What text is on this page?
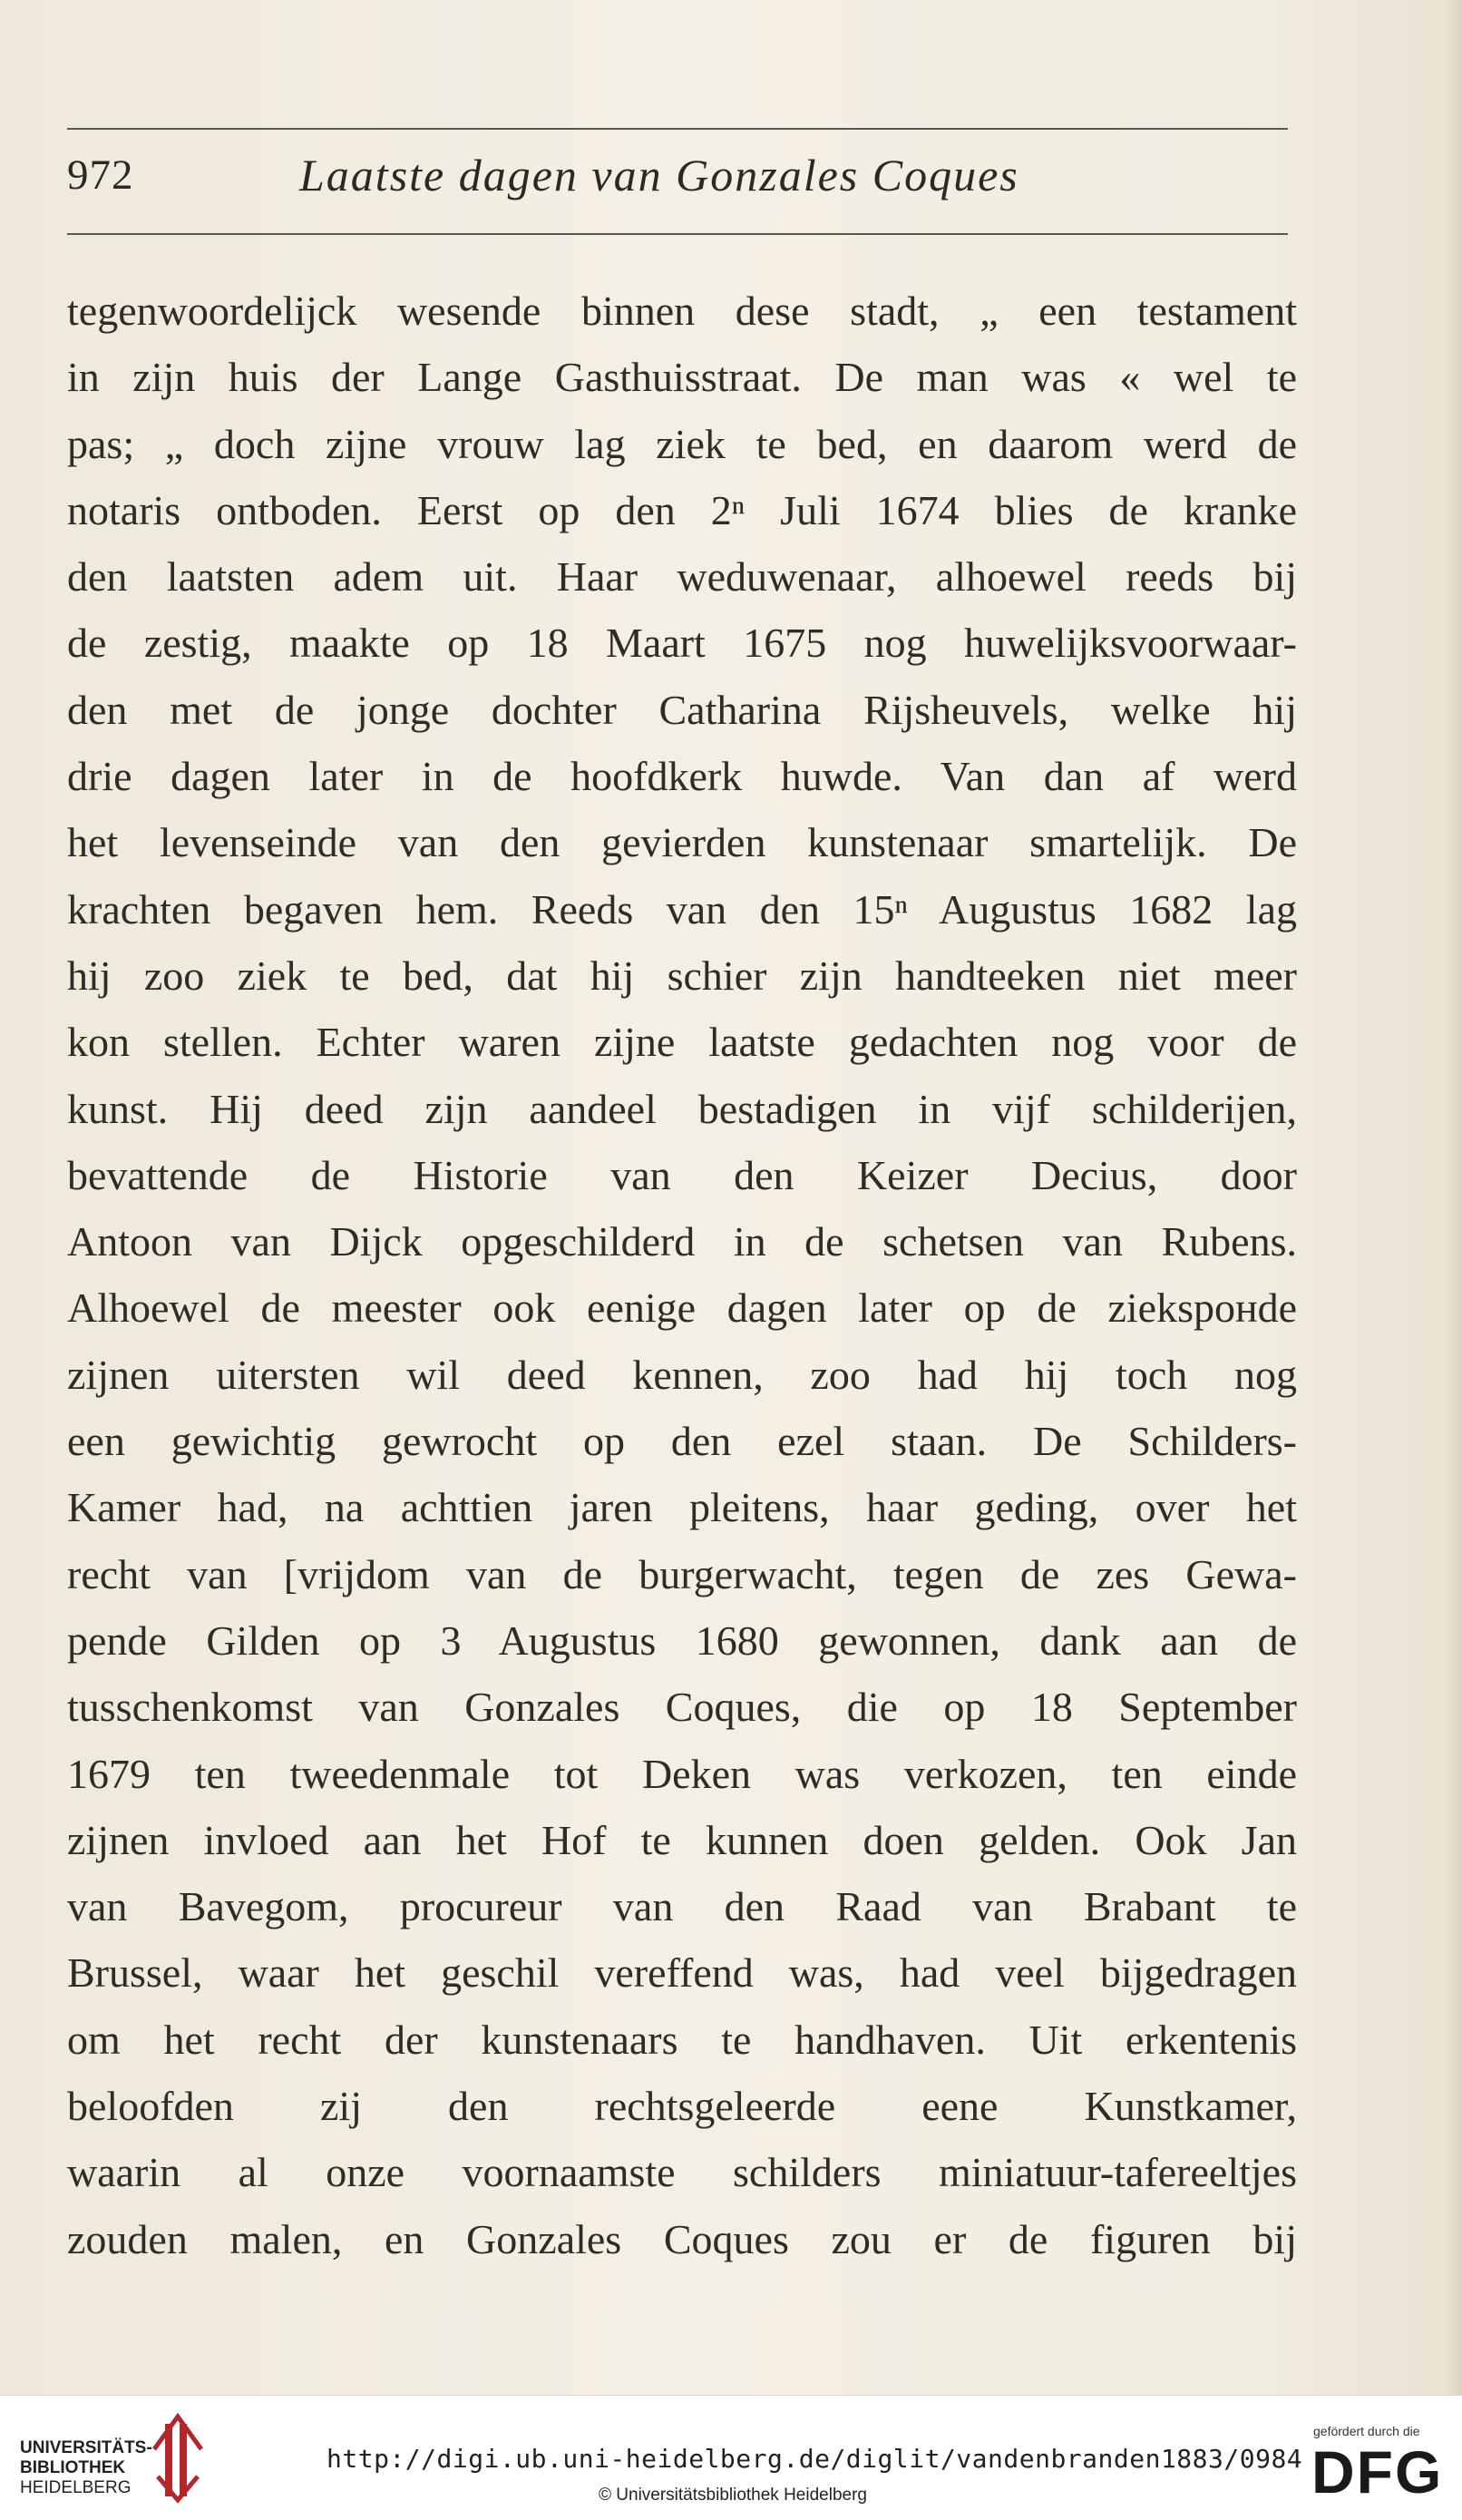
972	Laatste dagen van Gonzales Coques
tegenwoordelijck wesende binnen dese stadt, „ een testament
in zijn huis der Lange Gasthuisstraat. De man was « wel te
pas; „ doch zijne vrouw lag ziek te bed, en daarom werd de
notaris ontboden. Eerst op den 2ⁿ Juli 1674 blies de kranke
den laatsten adem uit. Haar weduwenaar, alhoewel reeds bij
de zestig, maakte op 18 Maart 1675 nog huwelijksvoorwaar-
den met de jonge dochter Catharina Rijsheuvels, welke hij
drie dagen later in de hoofdkerk huwde. Van dan af werd
het levenseinde van den gevierden kunstenaar smartelijk. De
krachten begaven hem. Reeds van den 15ⁿ Augustus 1682 lag
hij zoo ziek te bed, dat hij schier zijn handteeken niet meer
kon stellen. Echter waren zijne laatste gedachten nog voor de
kunst. Hij deed zijn aandeel bestadigen in vijf schilderijen,
bevattende de Historie van den Keizer Decius, door
Antoon van Dijck opgeschilderd in de schetsen van Rubens.
Alhoewel de meester ook eenige dagen later op de ziekspонde
zijnen uitersten wil deed kennen, zoo had hij toch nog
een gewichtig gewrocht op den ezel staan. De Schilders-
Kamer had, na achttien jaren pleitens, haar geding, over het
recht van [vrijdom van de burgerwacht, tegen de zes Gewa-
pende Gilden op 3 Augustus 1680 gewonnen, dank aan de
tusschenkomst van Gonzales Coques, die op 18 September
1679 ten tweedenmale tot Deken was verkozen, ten einde
zijnen invloed aan het Hof te kunnen doen gelden. Ook Jan
van Bavegom, procureur van den Raad van Brabant te
Brussel, waar het geschil vereffend was, had veel bijgedragen
om het recht der kunstenaars te handhaven. Uit erkentenis
beloofden zij den rechtsgeleerde eene Kunstkamer,
waarin al onze voornaamste schilders miniatuur-tafereeltjes
zouden malen, en Gonzales Coques zou er de figuren bij
UNIVERSITÄTS-
BIBLIOTHEK
HEIDELBERG
http://digi.ub.uni-heidelberg.de/diglit/vandenbranden1883/0984
© Universitätsbibliothek Heidelberg
gefördert durch die
DFG
